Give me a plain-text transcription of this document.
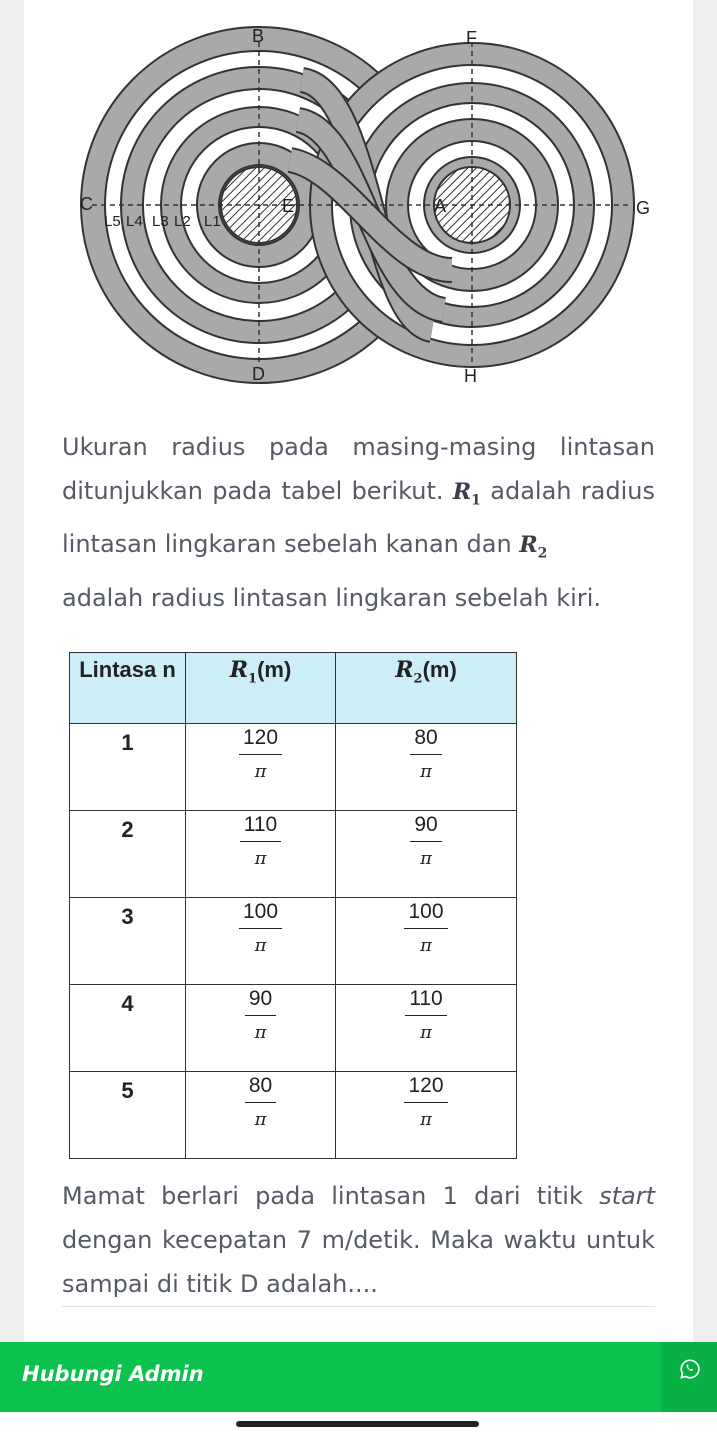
B	F
C	G
D	H
E	A
L5 L4 L3 L2 L1

Ukuran radius pada masing-masing lintasan ditunjukkan pada tabel berikut. $R_1$ adalah radius lintasan lingkaran sebelah kanan dan $R_2$
adalah radius lintasan lingkaran sebelah kiri.

Lintasa n	$R_1(m)$	$R_2(m)$
1	$\frac{120}{\pi}$	$\frac{80}{\pi}$

2	$\frac{110}{\pi}$	$\frac{90}{\pi}$

3	$\frac{100}{\pi}$	$\frac{100}{\pi}$

4	$\frac{90}{\pi}$	$\frac{110}{\pi}$

5	$\frac{80}{\pi}$	$\frac{120}{\pi}$

Mamat berlari pada lintasan 1 dari titik start dengan kecepatan 7 m/detik. Maka waktu untuk sampai di titik D adalah....

Hubungi Admin
